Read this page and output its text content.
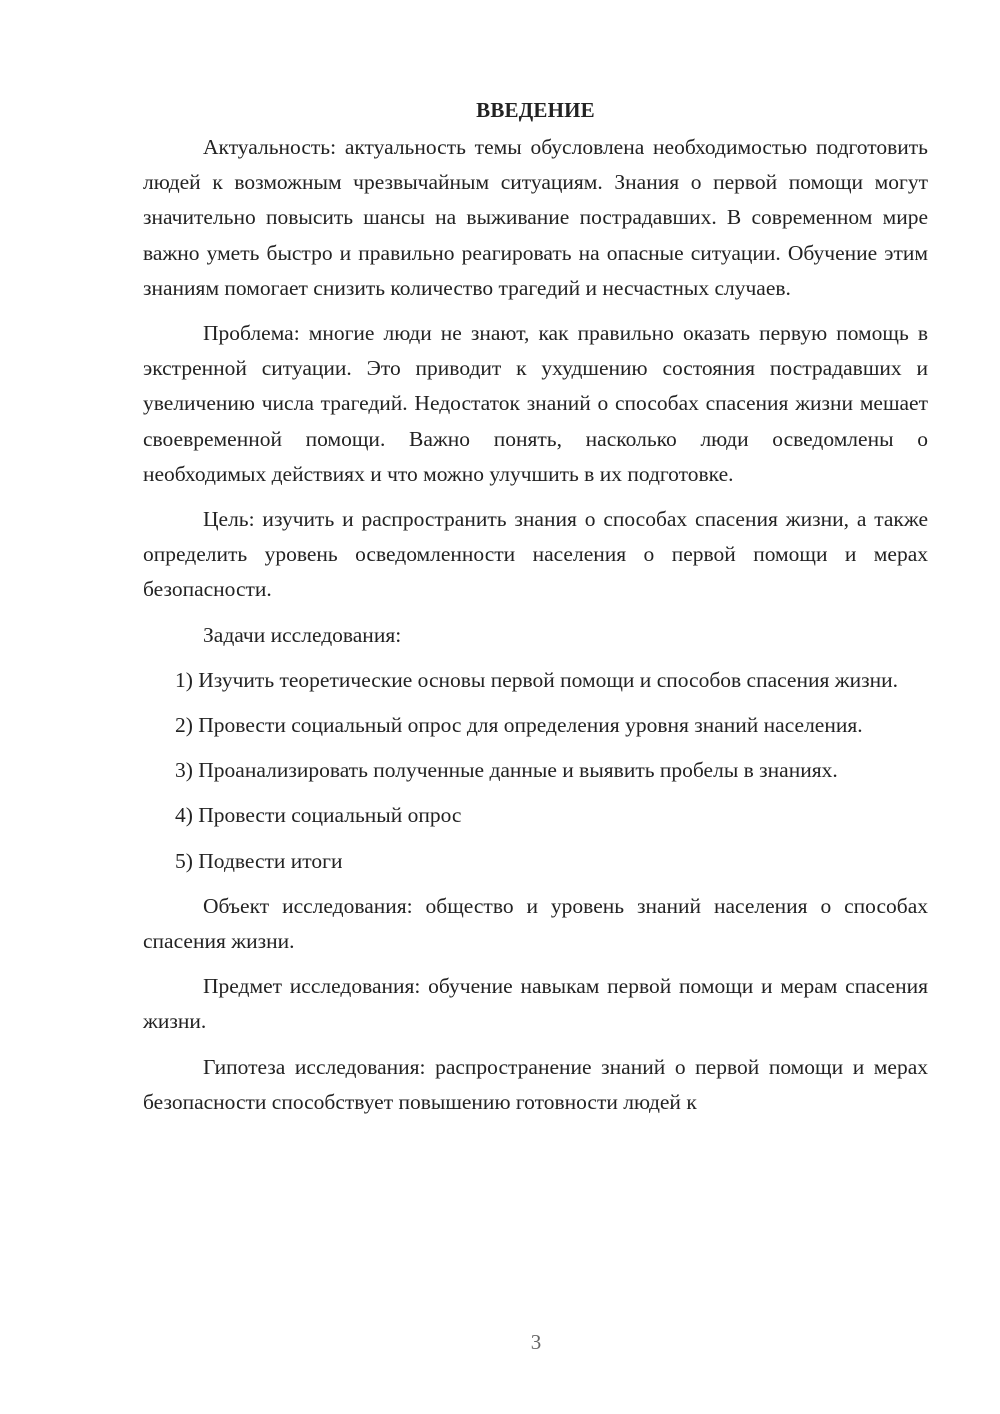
ВВЕДЕНИЕ

Актуальность: актуальность темы обусловлена необходимостью подготовить людей к возможным чрезвычайным ситуациям. Знания о первой помощи могут значительно повысить шансы на выживание пострадавших. В современном мире важно уметь быстро и правильно реагировать на опасные ситуации. Обучение этим знаниям помогает снизить количество трагедий и несчастных случаев.

Проблема: многие люди не знают, как правильно оказать первую помощь в экстренной ситуации. Это приводит к ухудшению состояния пострадавших и увеличению числа трагедий. Недостаток знаний о способах спасения жизни мешает своевременной помощи. Важно понять, насколько люди осведомлены о необходимых действиях и что можно улучшить в их подготовке.

Цель: изучить и распространить знания о способах спасения жизни, а также определить уровень осведомленности населения о первой помощи и мерах безопасности.

Задачи исследования:

1) Изучить теоретические основы первой помощи и способов спасения жизни.

2) Провести социальный опрос для определения уровня знаний населения.

3) Проанализировать полученные данные и выявить пробелы в знаниях.

4) Провести социальный опрос

5) Подвести итоги

Объект исследования: общество и уровень знаний населения о способах спасения жизни.

Предмет исследования: обучение навыкам первой помощи и мерам спасения жизни.

Гипотеза исследования: распространение знаний о первой помощи и мерах безопасности способствует повышению готовности людей к

3
